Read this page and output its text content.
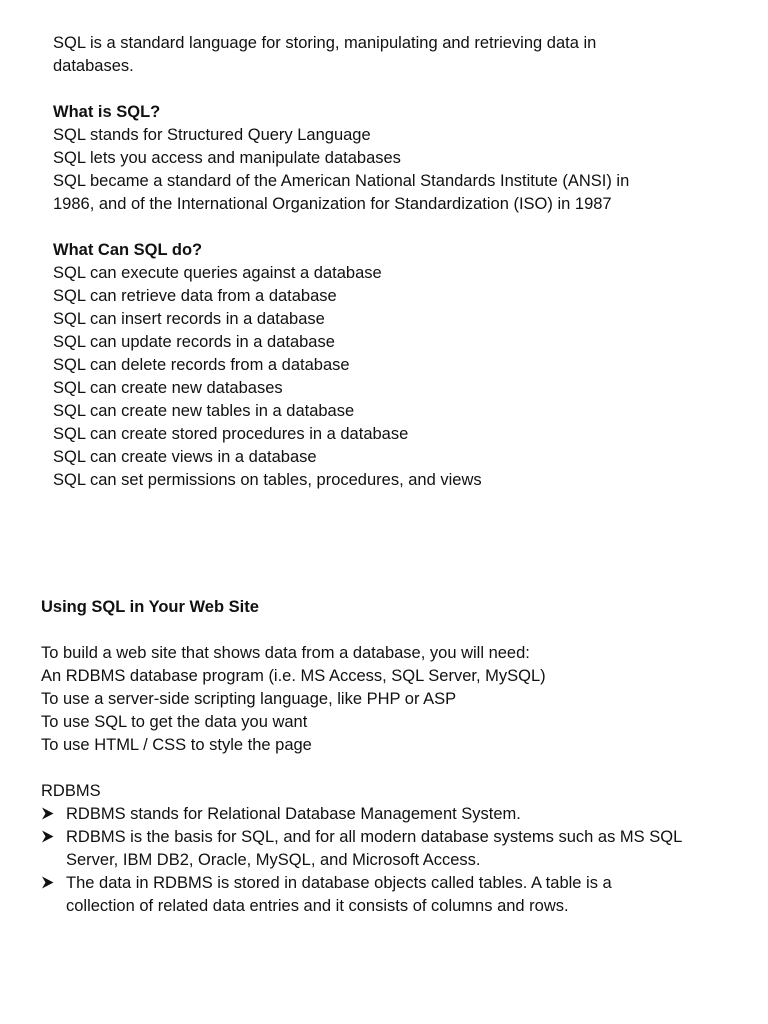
SQL is a standard language for storing, manipulating and retrieving data in
databases.
What is SQL?
SQL stands for Structured Query Language
SQL lets you access and manipulate databases
SQL became a standard of the American National Standards Institute (ANSI) in
1986, and of the International Organization for Standardization (ISO) in 1987
What Can SQL do?
SQL can execute queries against a database
SQL can retrieve data from a database
SQL can insert records in a database
SQL can update records in a database
SQL can delete records from a database
SQL can create new databases
SQL can create new tables in a database
SQL can create stored procedures in a database
SQL can create views in a database
SQL can set permissions on tables, procedures, and views
Using SQL in Your Web Site
To build a web site that shows data from a database, you will need:
An RDBMS database program (i.e. MS Access, SQL Server, MySQL)
To use a server-side scripting language, like PHP or ASP
To use SQL to get the data you want
To use HTML / CSS to style the page
RDBMS
RDBMS stands for Relational Database Management System.
RDBMS is the basis for SQL, and for all modern database systems such as MS SQL
Server, IBM DB2, Oracle, MySQL, and Microsoft Access.
The data in RDBMS is stored in database objects called tables. A table is a
collection of related data entries and it consists of columns and rows.
